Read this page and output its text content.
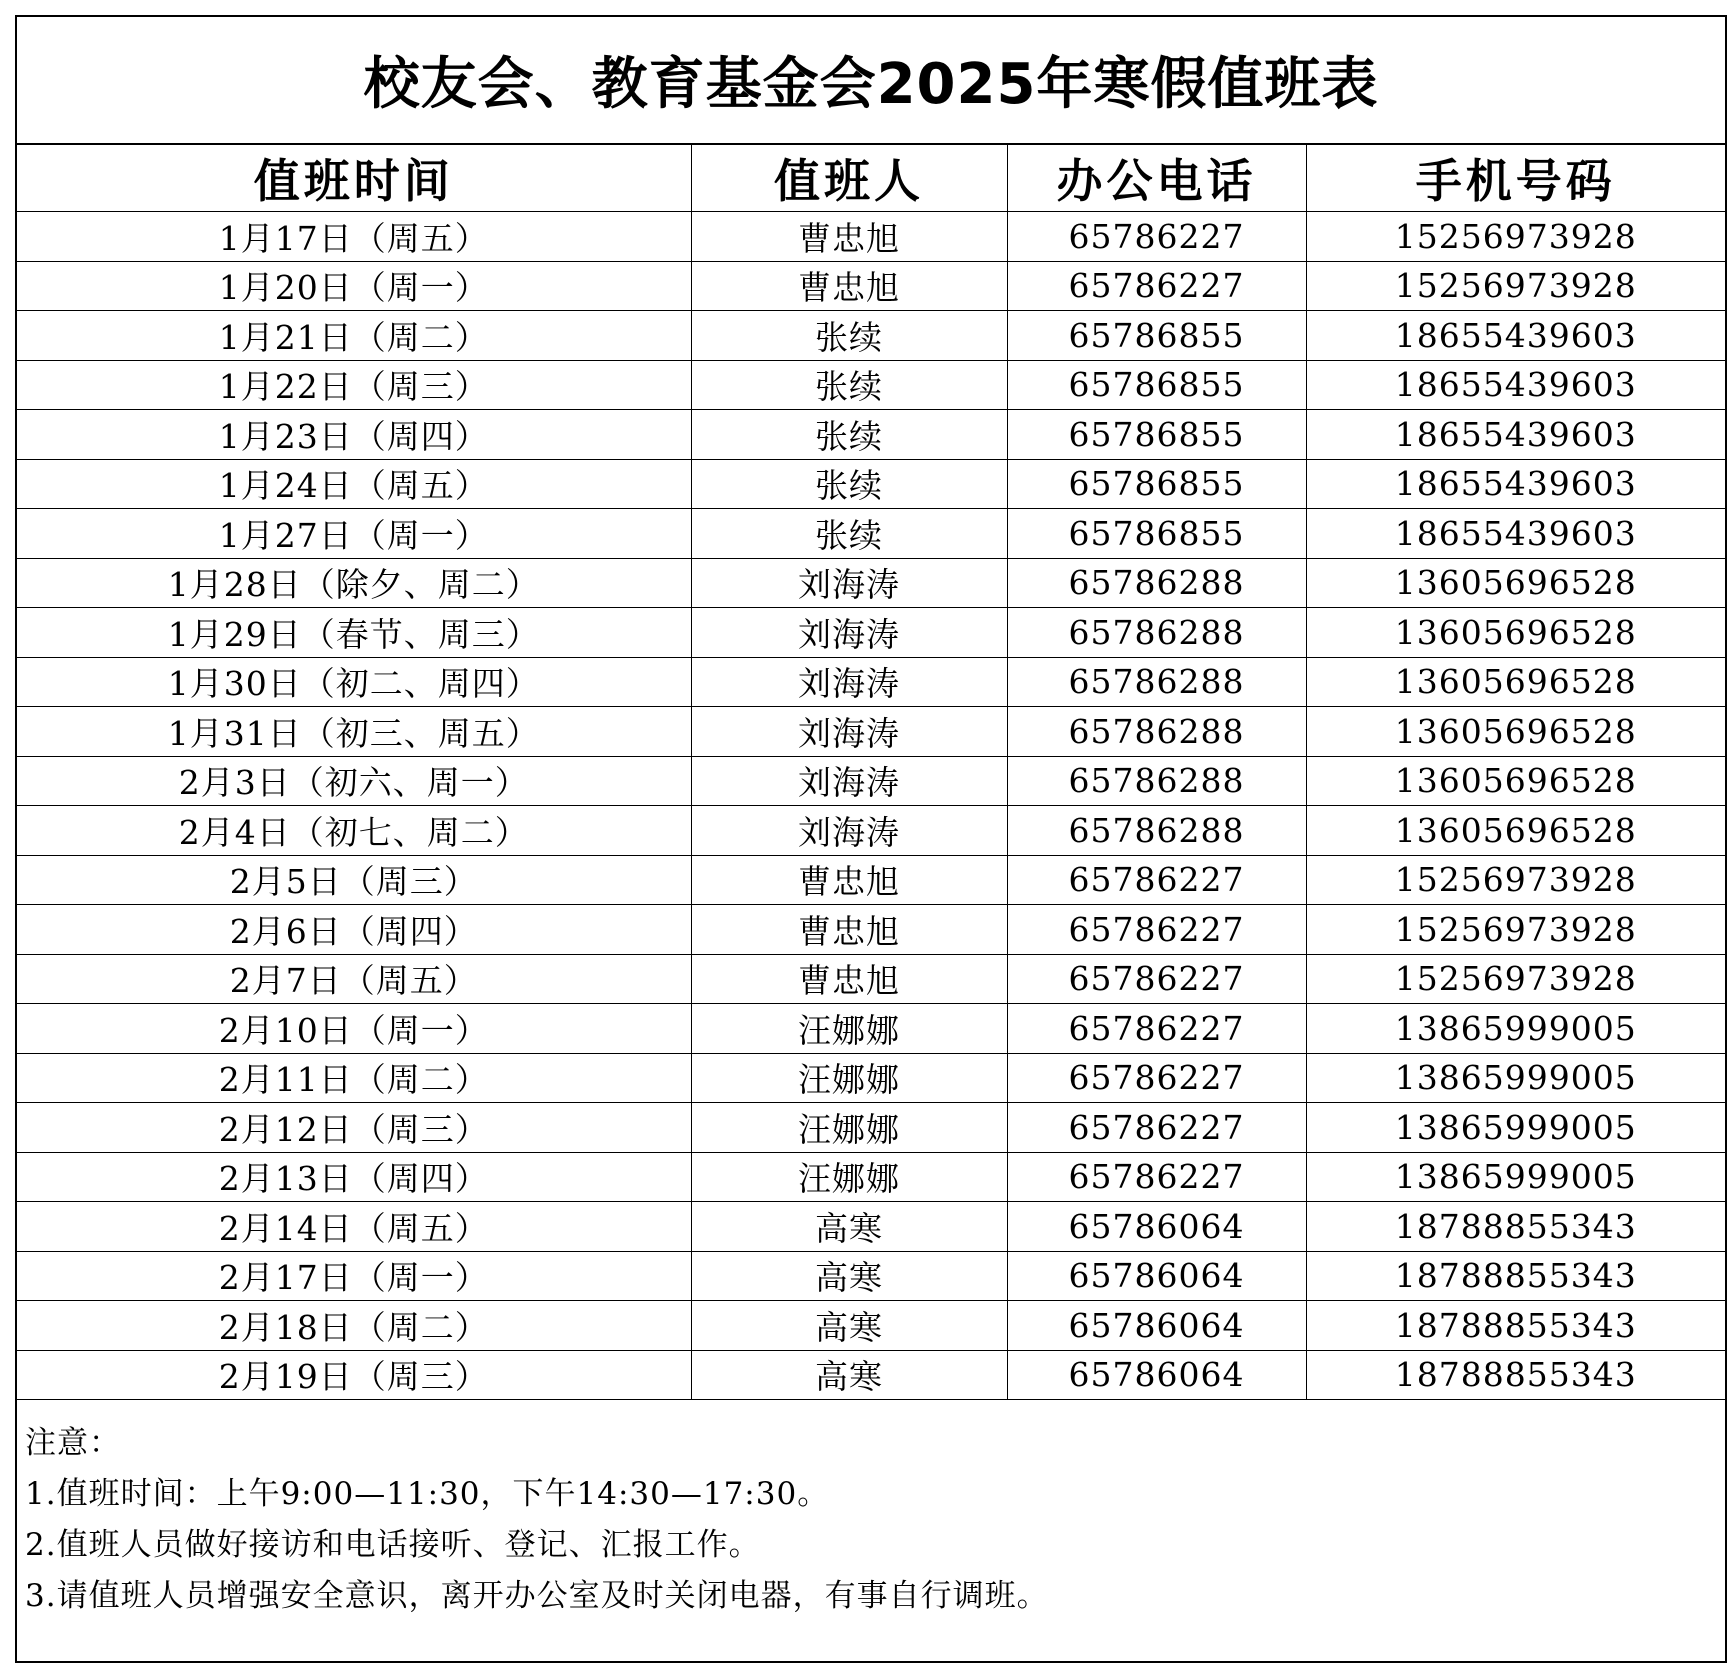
校友会、教育基金会2025年寒假值班表
值班时间	值班人	办公电话	手机号码
1月17日（周五）	曹忠旭	65786227	15256973928
1月20日（周一）	曹忠旭	65786227	15256973928
1月21日（周二）	张续	65786855	18655439603
1月22日（周三）	张续	65786855	18655439603
1月23日（周四）	张续	65786855	18655439603
1月24日（周五）	张续	65786855	18655439603
1月27日（周一）	张续	65786855	18655439603
1月28日（除夕、周二）	刘海涛	65786288	13605696528
1月29日（春节、周三）	刘海涛	65786288	13605696528
1月30日（初二、周四）	刘海涛	65786288	13605696528
1月31日（初三、周五）	刘海涛	65786288	13605696528
2月3日（初六、周一）	刘海涛	65786288	13605696528
2月4日（初七、周二）	刘海涛	65786288	13605696528
2月5日（周三）	曹忠旭	65786227	15256973928
2月6日（周四）	曹忠旭	65786227	15256973928
2月7日（周五）	曹忠旭	65786227	15256973928
2月10日（周一）	汪娜娜	65786227	13865999005
2月11日（周二）	汪娜娜	65786227	13865999005
2月12日（周三）	汪娜娜	65786227	13865999005
2月13日（周四）	汪娜娜	65786227	13865999005
2月14日（周五）	高寒	65786064	18788855343
2月17日（周一）	高寒	65786064	18788855343
2月18日（周二）	高寒	65786064	18788855343
2月19日（周三）	高寒	65786064	18788855343
注意：
1.值班时间：上午9:00—11:30，下午14:30—17:30。
2.值班人员做好接访和电话接听、登记、汇报工作。
3.请值班人员增强安全意识，离开办公室及时关闭电器，有事自行调班。
